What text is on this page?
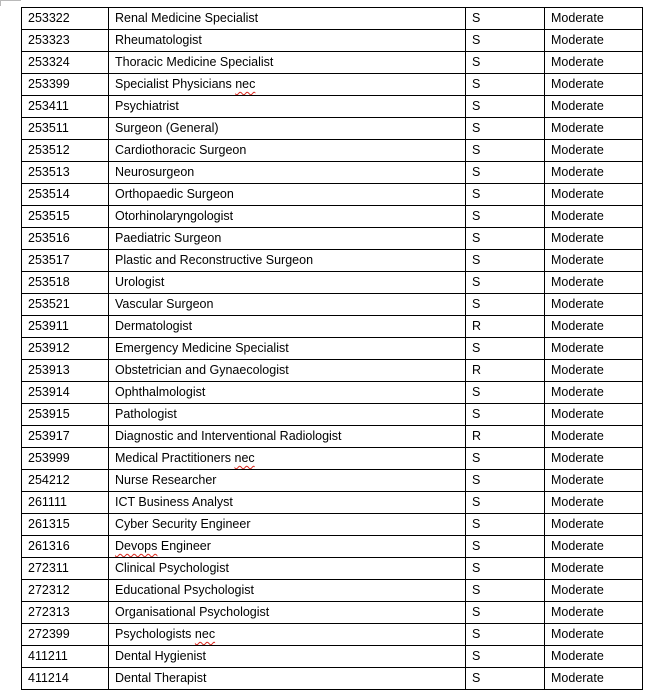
253322	Renal Medicine Specialist	S	Moderate
253323	Rheumatologist	S	Moderate
253324	Thoracic Medicine Specialist	S	Moderate
253399	Specialist Physicians nec	S	Moderate
253411	Psychiatrist	S	Moderate
253511	Surgeon (General)	S	Moderate
253512	Cardiothoracic Surgeon	S	Moderate
253513	Neurosurgeon	S	Moderate
253514	Orthopaedic Surgeon	S	Moderate
253515	Otorhinolaryngologist	S	Moderate
253516	Paediatric Surgeon	S	Moderate
253517	Plastic and Reconstructive Surgeon	S	Moderate
253518	Urologist	S	Moderate
253521	Vascular Surgeon	S	Moderate
253911	Dermatologist	R	Moderate
253912	Emergency Medicine Specialist	S	Moderate
253913	Obstetrician and Gynaecologist	R	Moderate
253914	Ophthalmologist	S	Moderate
253915	Pathologist	S	Moderate
253917	Diagnostic and Interventional Radiologist	R	Moderate
253999	Medical Practitioners nec	S	Moderate
254212	Nurse Researcher	S	Moderate
261111	ICT Business Analyst	S	Moderate
261315	Cyber Security Engineer	S	Moderate
261316	Devops Engineer	S	Moderate
272311	Clinical Psychologist	S	Moderate
272312	Educational Psychologist	S	Moderate
272313	Organisational Psychologist	S	Moderate
272399	Psychologists nec	S	Moderate
411211	Dental Hygienist	S	Moderate
411214	Dental Therapist	S	Moderate
